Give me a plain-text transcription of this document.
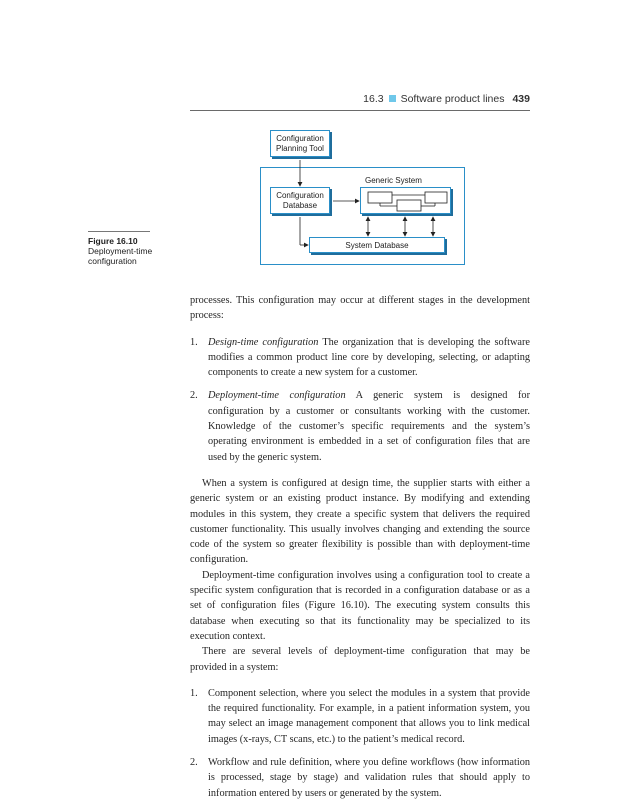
16.3 Software product lines 439
Configuration
Planning Tool
Generic System
Configuration
Database
System Database
Figure 16.10
Deployment-time configuration

processes. This configuration may occur at different stages in the development process:

1. Design-time configuration The organization that is developing the software modifies a common product line core by developing, selecting, or adapting components to create a new system for a customer.
2. Deployment-time configuration A generic system is designed for configuration by a customer or consultants working with the customer. Knowledge of the customer’s specific requirements and the system’s operating environment is embedded in a set of configuration files that are used by the generic system.

When a system is configured at design time, the supplier starts with either a generic system or an existing product instance. By modifying and extending modules in this system, they create a specific system that delivers the required customer functionality. This usually involves changing and extending the source code of the system so greater flexibility is possible than with deployment-time configuration.

Deployment-time configuration involves using a configuration tool to create a specific system configuration that is recorded in a configuration database or as a set of configuration files (Figure 16.10). The executing system consults this database when executing so that its functionality may be specialized to its execution context.

There are several levels of deployment-time configuration that may be provided in a system:

1. Component selection, where you select the modules in a system that provide the required functionality. For example, in a patient information system, you may select an image management component that allows you to link medical images (x-rays, CT scans, etc.) to the patient’s medical record.
2. Workflow and rule definition, where you define workflows (how information is processed, stage by stage) and validation rules that should apply to information entered by users or generated by the system.
